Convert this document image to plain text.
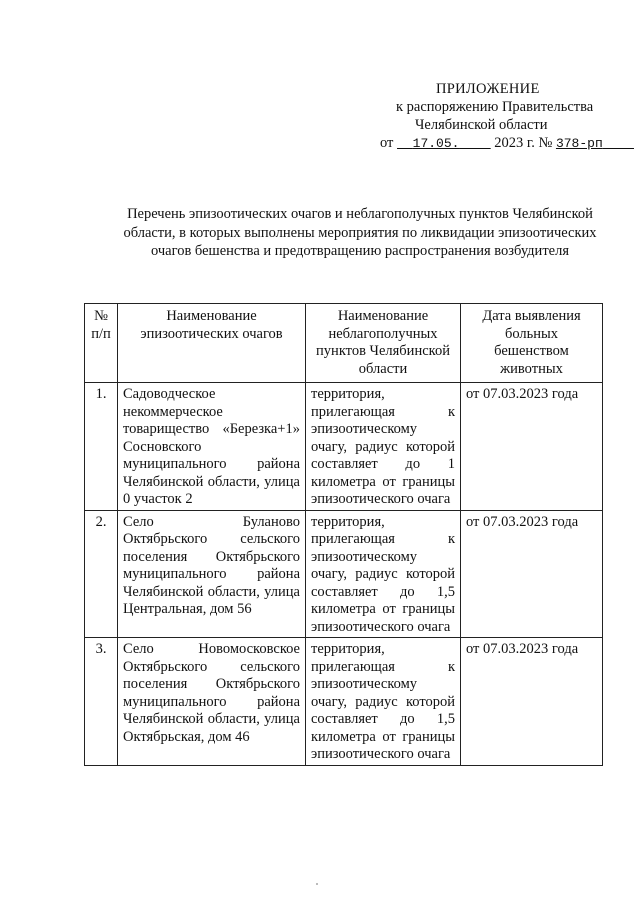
ПРИЛОЖЕНИЕ
к распоряжению Правительства
Челябинской области
от 17.05. 2023 г. № 378-рп
Перечень эпизоотических очагов и неблагополучных пунктов Челябинской области, в которых выполнены мероприятия по ликвидации эпизоотических очагов бешенства и предотвращению распространения возбудителя
№ п/п	Наименование эпизоотических очагов	Наименование неблагополучных пунктов Челябинской области	Дата выявления больных бешенством животных
1.	Садоводческое некоммерческое товарищество «Березка+1» Сосновского муниципального района Челябинской области, улица 0 участок 2	территория, прилегающая к эпизоотическому очагу, радиус которой составляет до 1 километра от границы эпизоотического очага	от 07.03.2023 года
2.	Село Буланово Октябрьского сельского поселения Октябрьского муниципального района Челябинской области, улица Центральная, дом 56	территория, прилегающая к эпизоотическому очагу, радиус которой составляет до 1,5 километра от границы эпизоотического очага	от 07.03.2023 года
3.	Село Новомосковское Октябрьского сельского поселения Октябрьского муниципального района Челябинской области, улица Октябрьская, дом 46	территория, прилегающая к эпизоотическому очагу, радиус которой составляет до 1,5 километра от границы эпизоотического очага	от 07.03.2023 года
